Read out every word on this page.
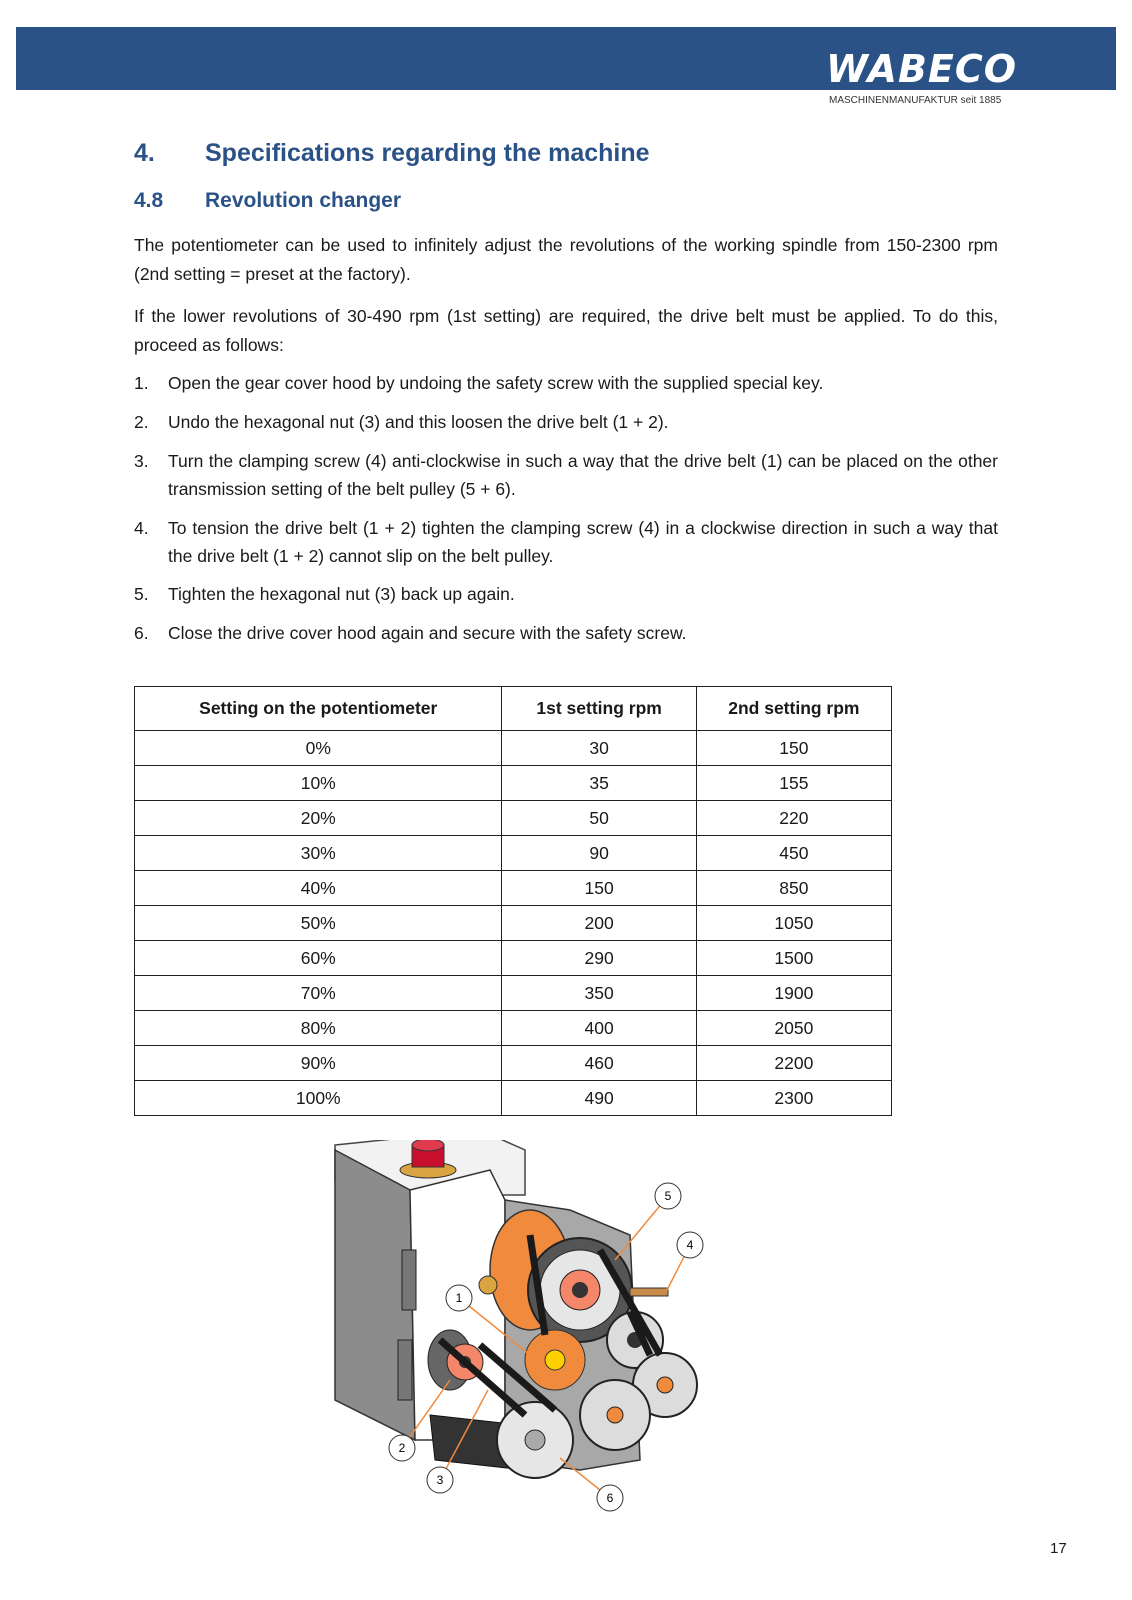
WABECO
MASCHINENMANUFAKTUR seit 1885
4. Specifications regarding the machine
4.8 Revolution changer
The potentiometer can be used to infinitely adjust the revolutions of the working spindle from 150-2300 rpm (2nd setting = preset at the factory).
If the lower revolutions of 30-490 rpm (1st setting) are required, the drive belt must be applied. To do this, proceed as follows:
1. Open the gear cover hood by undoing the safety screw with the supplied special key.
2. Undo the hexagonal nut (3) and this loosen the drive belt (1 + 2).
3. Turn the clamping screw (4) anti-clockwise in such a way that the drive belt (1) can be placed on the other transmission setting of the belt pulley (5 + 6).
4. To tension the drive belt (1 + 2) tighten the clamping screw (4) in a clockwise direction in such a way that the drive belt (1 + 2) cannot slip on the belt pulley.
5. Tighten the hexagonal nut (3) back up again.
6. Close the drive cover hood again and secure with the safety screw.
Setting on the potentiometer	1st setting rpm	2nd setting rpm
0%	30	150
10%	35	155
20%	50	220
30%	90	450
40%	150	850
50%	200	1050
60%	290	1500
70%	350	1900
80%	400	2050
90%	460	2200
100%	490	2300
5
4
1
2
3
6
17
